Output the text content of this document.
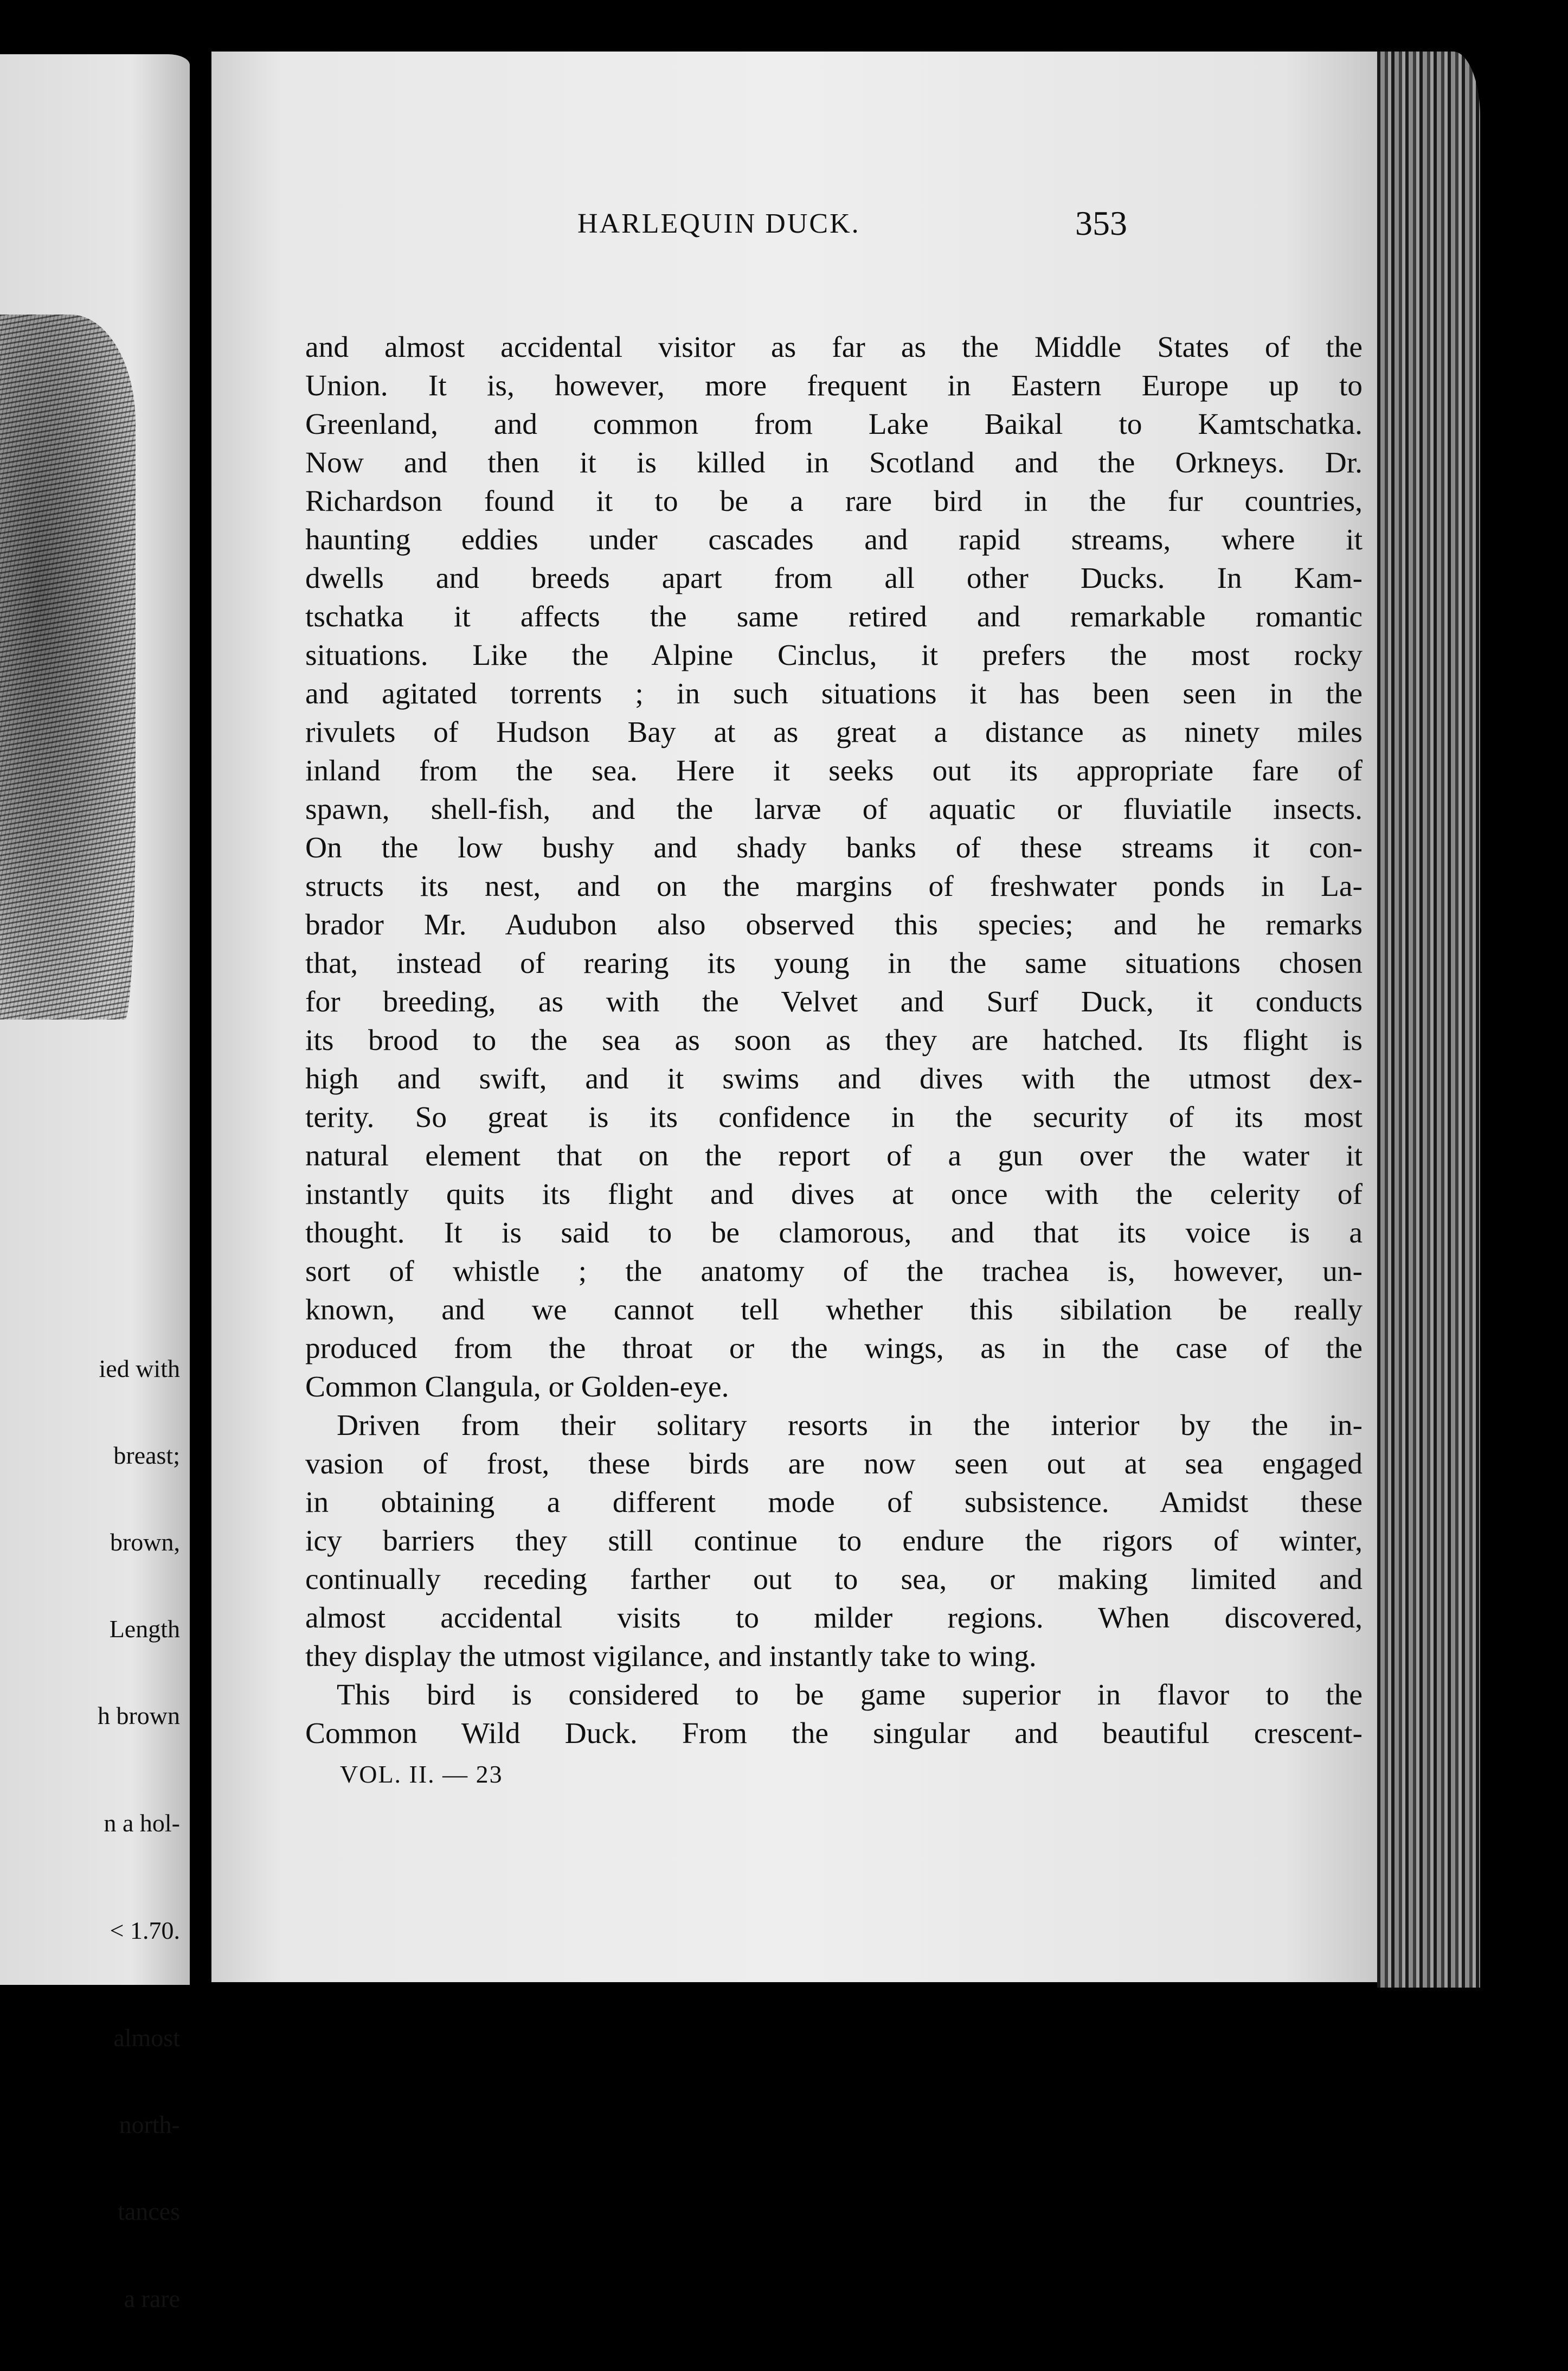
ied with

breast;

brown,

Length

h brown

n a hol-

< 1.70.

almost

north-

tances

a rare

HARLEQUIN DUCK.	353
and almost accidental visitor as far as the Middle States of the
Union. It is, however, more frequent in Eastern Europe up to
Greenland, and common from Lake Baikal to Kamtschatka.
Now and then it is killed in Scotland and the Orkneys. Dr.
Richardson found it to be a rare bird in the fur countries,
haunting eddies under cascades and rapid streams, where it
dwells and breeds apart from all other Ducks. In Kam-
tschatka it affects the same retired and remarkable romantic
situations. Like the Alpine Cinclus, it prefers the most rocky
and agitated torrents ; in such situations it has been seen in the
rivulets of Hudson Bay at as great a distance as ninety miles
inland from the sea. Here it seeks out its appropriate fare of
spawn, shell-fish, and the larvæ of aquatic or fluviatile insects.
On the low bushy and shady banks of these streams it con-
structs its nest, and on the margins of freshwater ponds in La-
brador Mr. Audubon also observed this species; and he remarks
that, instead of rearing its young in the same situations chosen
for breeding, as with the Velvet and Surf Duck, it conducts
its brood to the sea as soon as they are hatched. Its flight is
high and swift, and it swims and dives with the utmost dex-
terity. So great is its confidence in the security of its most
natural element that on the report of a gun over the water it
instantly quits its flight and dives at once with the celerity of
thought. It is said to be clamorous, and that its voice is a
sort of whistle ; the anatomy of the trachea is, however, un-
known, and we cannot tell whether this sibilation be really
produced from the throat or the wings, as in the case of the
Common Clangula, or Golden-eye.
Driven from their solitary resorts in the interior by the in-
vasion of frost, these birds are now seen out at sea engaged
in obtaining a different mode of subsistence. Amidst these
icy barriers they still continue to endure the rigors of winter,
continually receding farther out to sea, or making limited and
almost accidental visits to milder regions. When discovered,
they display the utmost vigilance, and instantly take to wing.
This bird is considered to be game superior in flavor to the
Common Wild Duck. From the singular and beautiful crescent-
VOL. II. — 23
